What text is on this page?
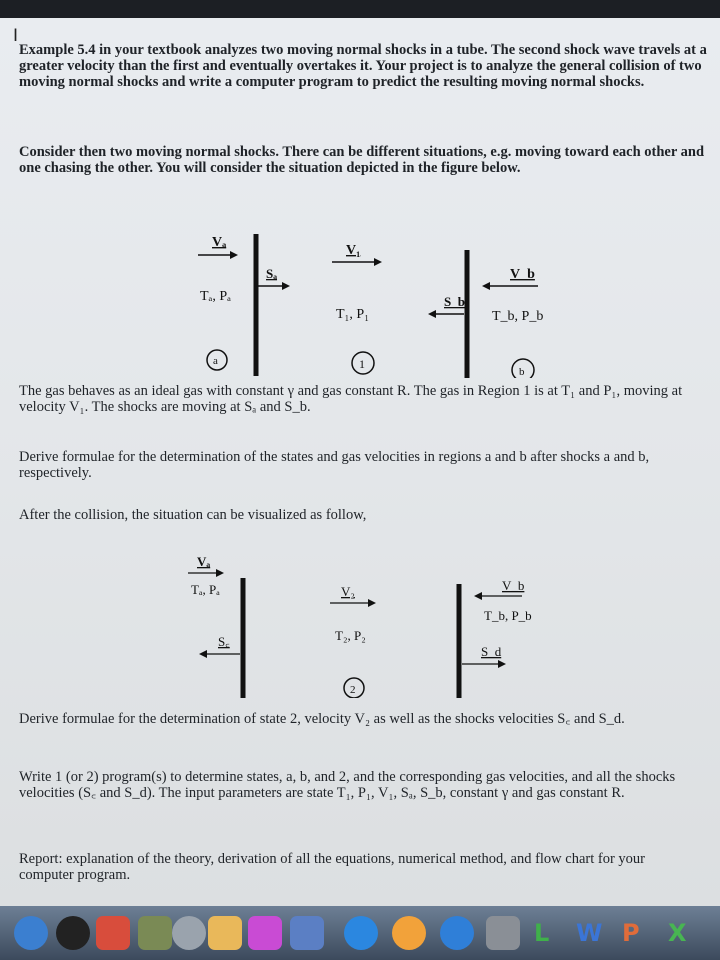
I

Example 5.4 in your textbook analyzes two moving normal shocks in a tube. The second shock wave travels at a greater velocity than the first and eventually overtakes it. Your project is to analyze the general collision of two moving normal shocks and write a computer program to predict the resulting moving normal shocks.

Consider then two moving normal shocks. There can be different situations, e.g. moving toward each other and one chasing the other. You will consider the situation depicted in the figure below.

Vₐ
Tₐ, Pₐ
a
Sₐ
V₁
T₁, P₁
1
S_b
V_b
T_b, P_b
b

The gas behaves as an ideal gas with constant γ and gas constant R. The gas in Region 1 is at T₁ and P₁, moving at velocity V₁. The shocks are moving at Sₐ and S_b.

Derive formulae for the determination of the states and gas velocities in regions a and b after shocks a and b, respectively.

After the collision, the situation can be visualized as follow,

Vₐ
Tₐ, Pₐ
S꜀
V₂
T₂, P₂
2
V_b
T_b, P_b
S_d

Derive formulae for the determination of state 2, velocity V₂ as well as the shocks velocities S꜀ and S_d.

Write 1 (or 2) program(s) to determine states, a, b, and 2, and the corresponding gas velocities, and all the shocks velocities (S꜀ and S_d). The input parameters are state T₁, P₁, V₁, Sₐ, S_b, constant γ and gas constant R.

Report: explanation of the theory, derivation of all the equations, numerical method, and flow chart for your computer program.

L W P X
